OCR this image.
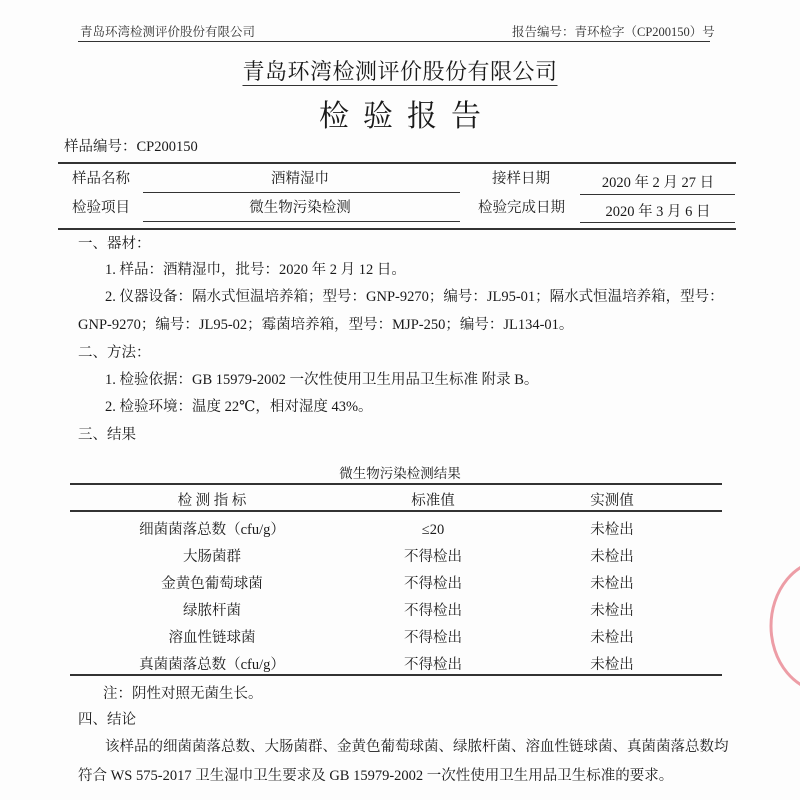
青岛环湾检测评价股份有限公司	报告编号：青环检字（CP200150）号
青岛环湾检测评价股份有限公司
检验报告
样品编号：CP200150
样品名称	酒精湿巾	接样日期	2020 年 2 月 27 日
检验项目	微生物污染检测	检验完成日期	2020 年 3 月 6 日
一、器材：
1. 样品：酒精湿巾，批号：2020 年 2 月 12 日。
2. 仪器设备：隔水式恒温培养箱；型号：GNP-9270；编号：JL95-01；隔水式恒温培养箱，型号：
GNP-9270；编号：JL95-02；霉菌培养箱，型号：MJP-250；编号：JL134-01。
二、方法：
1. 检验依据：GB 15979-2002 一次性使用卫生用品卫生标准 附录 B。
2. 检验环境：温度 22℃，相对湿度 43%。
三、结果
微生物污染检测结果
检 测 指 标	标准值	实测值
细菌菌落总数（cfu/g）	≤20	未检出
大肠菌群	不得检出	未检出
金黄色葡萄球菌	不得检出	未检出
绿脓杆菌	不得检出	未检出
溶血性链球菌	不得检出	未检出
真菌菌落总数（cfu/g）	不得检出	未检出
注：阴性对照无菌生长。
四、结论
该样品的细菌菌落总数、大肠菌群、金黄色葡萄球菌、绿脓杆菌、溶血性链球菌、真菌菌落总数均
符合 WS 575-2017 卫生湿巾卫生要求及 GB 15979-2002 一次性使用卫生用品卫生标准的要求。
